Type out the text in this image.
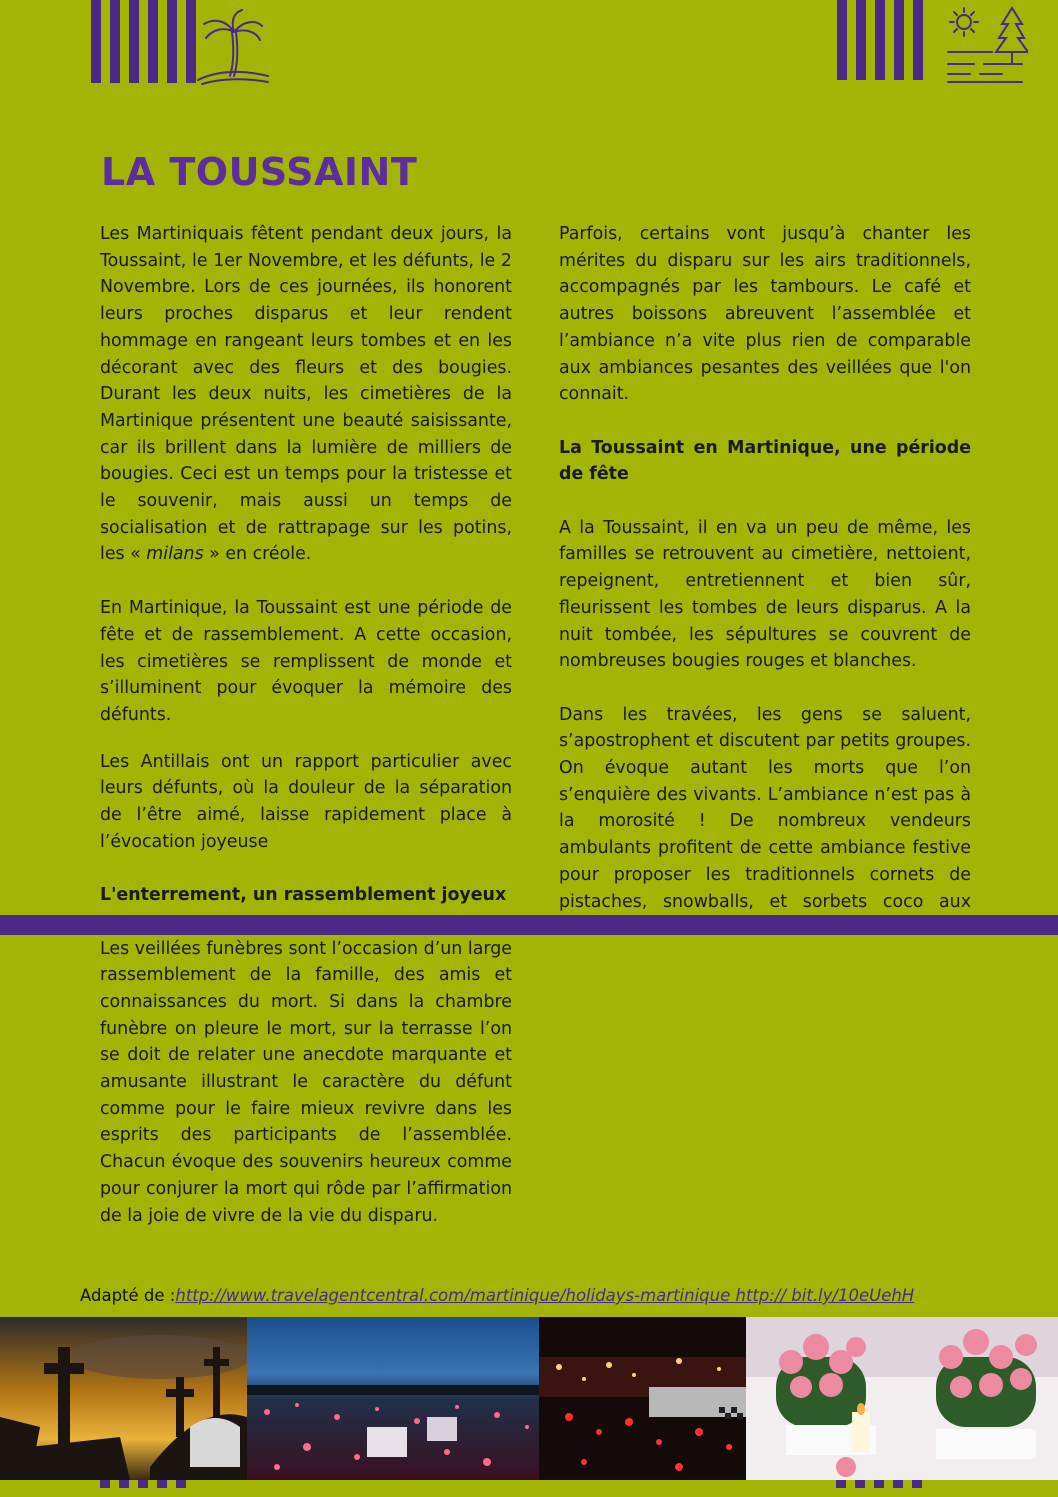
LA TOUSSAINT

Les Martiniquais fêtent pendant deux jours, la Toussaint, le 1er Novembre, et les défunts, le 2 Novembre. Lors de ces journées, ils honorent leurs proches disparus et leur rendent hommage en rangeant leurs tombes et en les décorant avec des fleurs et des bougies. Durant les deux nuits, les cimetières de la Martinique présentent une beauté saisissante, car ils brillent dans la lumière de milliers de bougies. Ceci est un temps pour la tristesse et le souvenir, mais aussi un temps de socialisation et de rattrapage sur les potins, les « milans » en créole.

En Martinique, la Toussaint est une période de fête et de rassemblement. A cette occasion, les cimetières se remplissent de monde et s’illuminent pour évoquer la mémoire des défunts.

Les Antillais ont un rapport particulier avec leurs défunts, où la douleur de la séparation de l’être aimé, laisse rapidement place à l’évocation joyeuse

L'enterrement, un rassemblement joyeux

Les veillées funèbres sont l’occasion d’un large rassemblement de la famille, des amis et connaissances du mort. Si dans la chambre funèbre on pleure le mort, sur la terrasse l’on se doit de relater une anecdote marquante et amusante illustrant le caractère du défunt comme pour le faire mieux revivre dans les esprits des participants de l’assemblée. Chacun évoque des souvenirs heureux comme pour conjurer la mort qui rôde par l’affirmation de la joie de vivre de la vie du disparu.

Parfois, certains vont jusqu’à chanter les mérites du disparu sur les airs traditionnels, accompagnés par les tambours. Le café et autres boissons abreuvent l’assemblée et l’ambiance n’a vite plus rien de comparable aux ambiances pesantes des veillées que l'on connait.

La Toussaint en Martinique, une période de fête

A la Toussaint, il en va un peu de même, les familles se retrouvent au cimetière, nettoient, repeignent, entretiennent et bien sûr, fleurissent les tombes de leurs disparus. A la nuit tombée, les sépultures se couvrent de nombreuses bougies rouges et blanches.

Dans les travées, les gens se saluent, s’apostrophent et discutent par petits groupes. On évoque autant les morts que l’on s’enquière des vivants. L’ambiance n’est pas à la morosité ! De nombreux vendeurs ambulants profitent de cette ambiance festive pour proposer les traditionnels cornets de pistaches, snowballs, et sorbets coco aux

Adapté de :http://www.travelagentcentral.com/martinique/holidays-martinique http:// bit.ly/10eUehH
